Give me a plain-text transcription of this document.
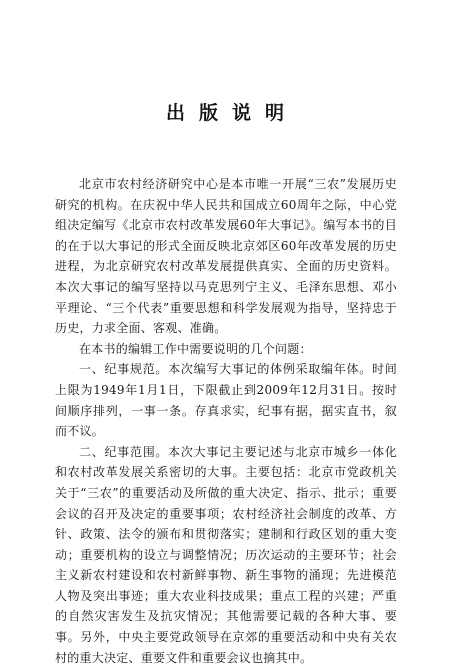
出版说明

北京市农村经济研究中心是本市唯一开展“三农”发展历史研究的机构。在庆祝中华人民共和国成立60周年之际，中心党组决定编写《北京市农村改革发展60年大事记》。编写本书的目的在于以大事记的形式全面反映北京郊区60年改革发展的历史进程，为北京研究农村改革发展提供真实、全面的历史资料。本次大事记的编写坚持以马克思列宁主义、毛泽东思想、邓小平理论、“三个代表”重要思想和科学发展观为指导，坚持忠于历史，力求全面、客观、准确。

在本书的编辑工作中需要说明的几个问题：

一、纪事规范。本次编写大事记的体例采取编年体。时间上限为1949年1月1日，下限截止到2009年12月31日。按时间顺序排列，一事一条。存真求实，纪事有据，据实直书，叙而不议。

二、纪事范围。本次大事记主要记述与北京市城乡一体化和农村改革发展关系密切的大事。主要包括：北京市党政机关关于“三农”的重要活动及所做的重大决定、指示、批示；重要会议的召开及决定的重要事项；农村经济社会制度的改革、方针、政策、法令的颁布和贯彻落实；建制和行政区划的重大变动；重要机构的设立与调整情况；历次运动的主要环节；社会主义新农村建设和农村新鲜事物、新生事物的涌现；先进模范人物及突出事迹；重大农业科技成果；重点工程的兴建；严重的自然灾害发生及抗灾情况；其他需要记载的各种大事、要事。另外，中央主要党政领导在京郊的重要活动和中央有关农村的重大决定、重要文件和重要会议也摘其中。
